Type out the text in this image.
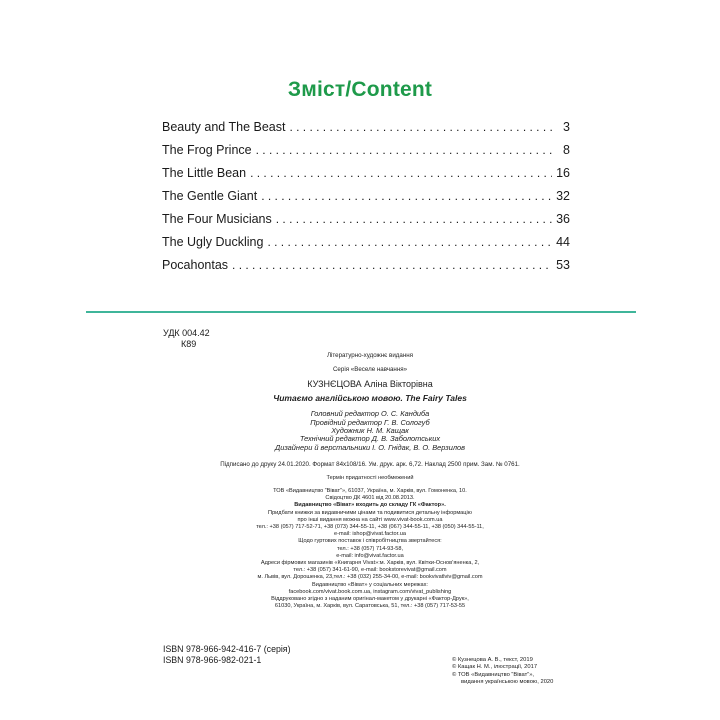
Зміст/Content
Beauty and The Beast . . .	3
The Frog Prince . . .	8
The Little Bean . . .	16
The Gentle Giant . . .	32
The Four Musicians . . .	36
The Ugly Duckling . . .	44
Pocahontas . . .	53
УДК 004.42
К89
Літературно-художнє видання
Серія «Веселе навчання»
КУЗНЄЦОВА Аліна Вікторівна
Читаємо англійською мовою. The Fairy Tales
Головний редактор О. С. Кандиба
Провідний редактор Г. В. Сологуб
Художник Н. М. Кащак
Технічний редактор Д. В. Заболотських
Дизайнери й верстальники І. О. Гнідак, В. О. Верзилов
Підписано до друку 24.01.2020. Формат 84х108/16. Ум. друк. арк. 6,72. Наклад 2500 прим. Зам. № 0761.
Термін придатності необмежений
ТОВ «Видавництво “Віват”», 61037, Україна, м. Харків, вул. Гомоненка, 10.
Свідоцтво ДК 4601 від 20.08.2013.
Видавництво «Віват» входить до складу ГК «Фактор».
Придбати книжки за видавничими цінами та подивитися детальну інформацію
про інші видання можна на сайті www.vivat-book.com.ua
тел.: +38 (057) 717-52-71, +38 (073) 344-55-11, +38 (067) 344-55-11, +38 (050) 344-55-11,
e-mail: ishop@vivat.factor.ua
Щодо гуртових поставок і співробітництва звертайтеся:
тел.: +38 (057) 714-93-58,
e-mail: info@vivat.factor.ua
Адреси фірмових магазинів «Книгарня Vivat»:м. Харків, вул. Квітки-Основ’яненка, 2,
тел.: +38 (057) 341-61-90, e-mail: bookstorevivat@gmail.com
м. Львів, вул. Дорошенка, 23,тел.: +38 (032) 255-34-00, e-mail: bookvivatlviv@gmail.com
Видавництво «Віват» у соціальних мережах:
facebook.com/vivat.book.com.ua, instagram.com/vivat_publishing
Віддруковано згідно з наданим оригінал-макетом у друкарні «Фактор-Друк»,
61030, Україна, м. Харків, вул. Саратовська, 51, тел.: +38 (057) 717-53-55
ISBN 978-966-942-416-7 (серія)
ISBN 978-966-982-021-1	© Кузнецова А. В., текст, 2019
© Кащак Н. М., ілюстрації, 2017
© ТОВ «Видавництво “Віват”»,
видання українською мовою, 2020
